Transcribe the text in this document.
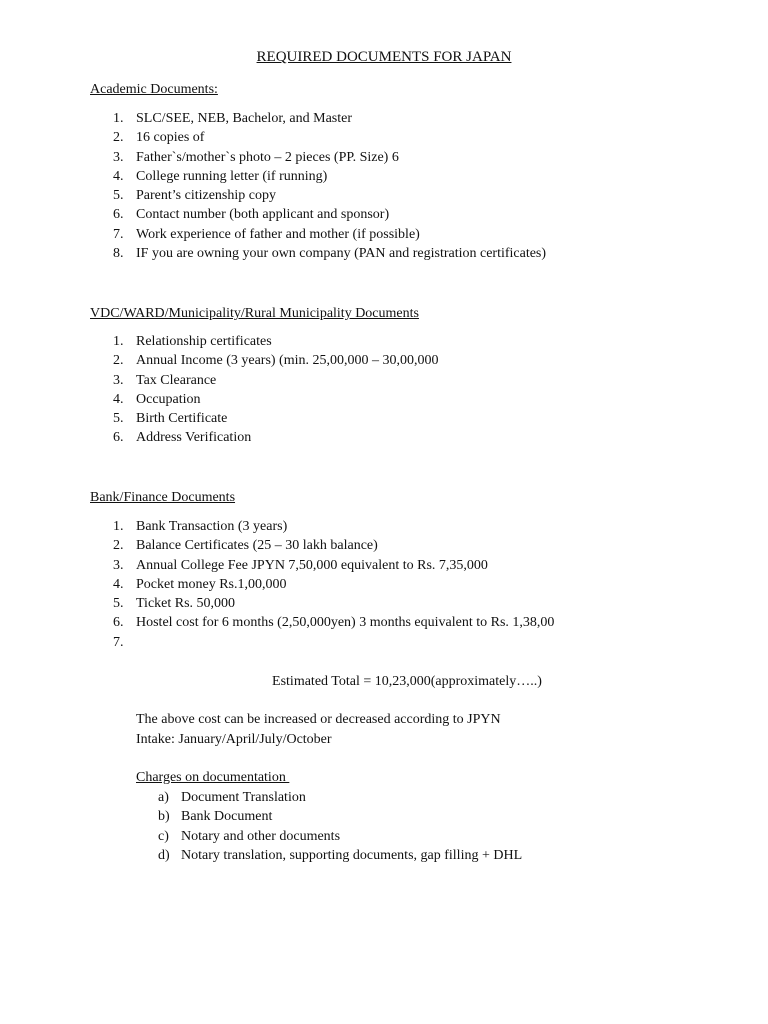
REQUIRED DOCUMENTS FOR JAPAN

Academic Documents:

1. SLC/SEE, NEB, Bachelor, and Master
2. 16 copies of
3. Father`s/mother`s photo – 2 pieces (PP. Size) 6
4. College running letter (if running)
5. Parent’s citizenship copy
6. Contact number (both applicant and sponsor)
7. Work experience of father and mother (if possible)
8. IF you are owning your own company (PAN and registration certificates)

VDC/WARD/Municipality/Rural Municipality Documents

1. Relationship certificates
2. Annual Income (3 years) (min. 25,00,000 – 30,00,000
3. Tax Clearance
4. Occupation
5. Birth Certificate
6. Address Verification

Bank/Finance Documents

1. Bank Transaction (3 years)
2. Balance Certificates (25 – 30 lakh balance)
3. Annual College Fee JPYN 7,50,000 equivalent to Rs. 7,35,000
4. Pocket money Rs.1,00,000
5. Ticket Rs. 50,000
6. Hostel cost for 6 months (2,50,000yen) 3 months equivalent to Rs. 1,38,00
7.

Estimated Total = 10,23,000(approximately…..)

The above cost can be increased or decreased according to JPYN

Intake: January/April/July/October

Charges on documentation

a) Document Translation
b) Bank Document
c) Notary and other documents
d) Notary translation, supporting documents, gap filling + DHL
